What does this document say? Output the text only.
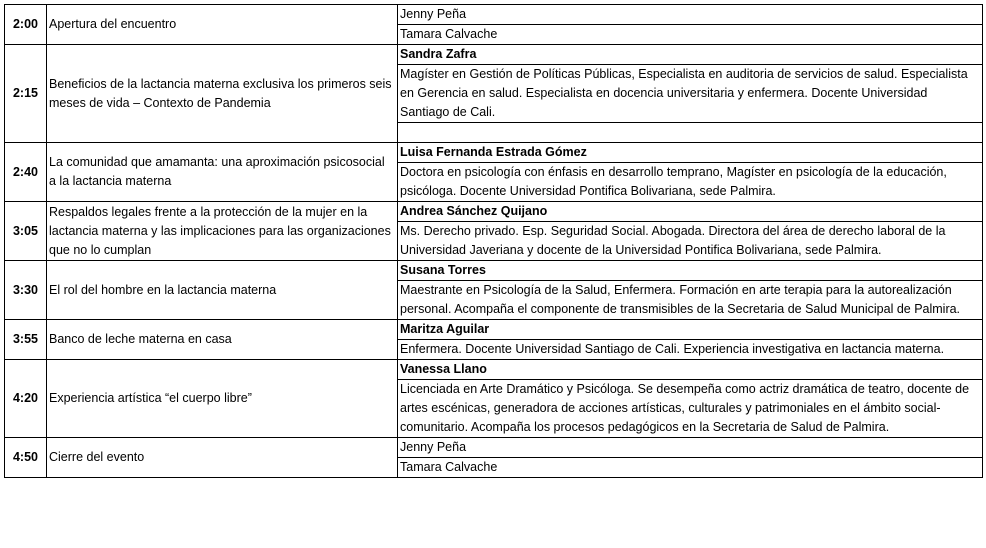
2:00	Apertura del encuentro	Jenny Peña
		Tamara Calvache
2:15	Beneficios de la lactancia materna exclusiva los primeros seis meses de vida – Contexto de Pandemia	Sandra Zafra
		Magíster en Gestión de Políticas Públicas, Especialista en auditoria de servicios de salud. Especialista en Gerencia en salud. Especialista en docencia universitaria y enfermera. Docente Universidad Santiago de Cali.

2:40	La comunidad que amamanta: una aproximación psicosocial a la lactancia materna	Luisa Fernanda Estrada Gómez
		Doctora en psicología con énfasis en desarrollo temprano, Magíster en psicología de la educación, psicóloga. Docente Universidad Pontifica Bolivariana, sede Palmira.
3:05	Respaldos legales frente a la protección de la mujer en la lactancia materna y las implicaciones para las organizaciones que no lo cumplan	Andrea Sánchez Quijano
		Ms. Derecho privado. Esp. Seguridad Social. Abogada. Directora del área de derecho laboral de la Universidad Javeriana y docente de la Universidad Pontifica Bolivariana, sede Palmira.
3:30	El rol del hombre en la lactancia materna	Susana Torres
		Maestrante en Psicología de la Salud, Enfermera. Formación en arte terapia para la autorealización personal. Acompaña el componente de transmisibles de la Secretaria de Salud Municipal de Palmira.
3:55	Banco de leche materna en casa	Maritza Aguilar
		Enfermera. Docente Universidad Santiago de Cali. Experiencia investigativa en lactancia materna.
4:20	Experiencia artística “el cuerpo libre”	Vanessa Llano
		Licenciada en Arte Dramático y Psicóloga. Se desempeña como actriz dramática de teatro, docente de artes escénicas, generadora de acciones artísticas, culturales y patrimoniales en el ámbito social-comunitario. Acompaña los procesos pedagógicos en la Secretaria de Salud de Palmira.
4:50	Cierre del evento	Jenny Peña
		Tamara Calvache
